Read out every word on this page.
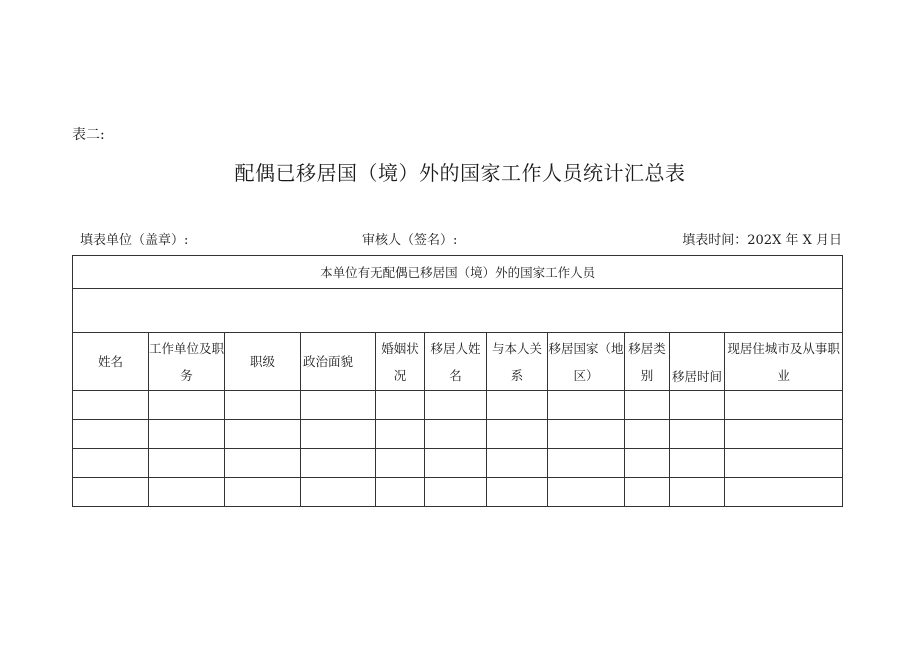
表二:
配偶已移居国（境）外的国家工作人员统计汇总表
填表单位（盖章）:	审核人（签名）:	填表时间：202X 年 X 月日
本单位有无配偶已移居国（境）外的国家工作人员										

姓名	工作单位及职务	职级	政治面貌	婚姻状况	移居人姓名	与本人关系	移居国家（地区）	移居类别	移居时间	现居住城市及从事职业
